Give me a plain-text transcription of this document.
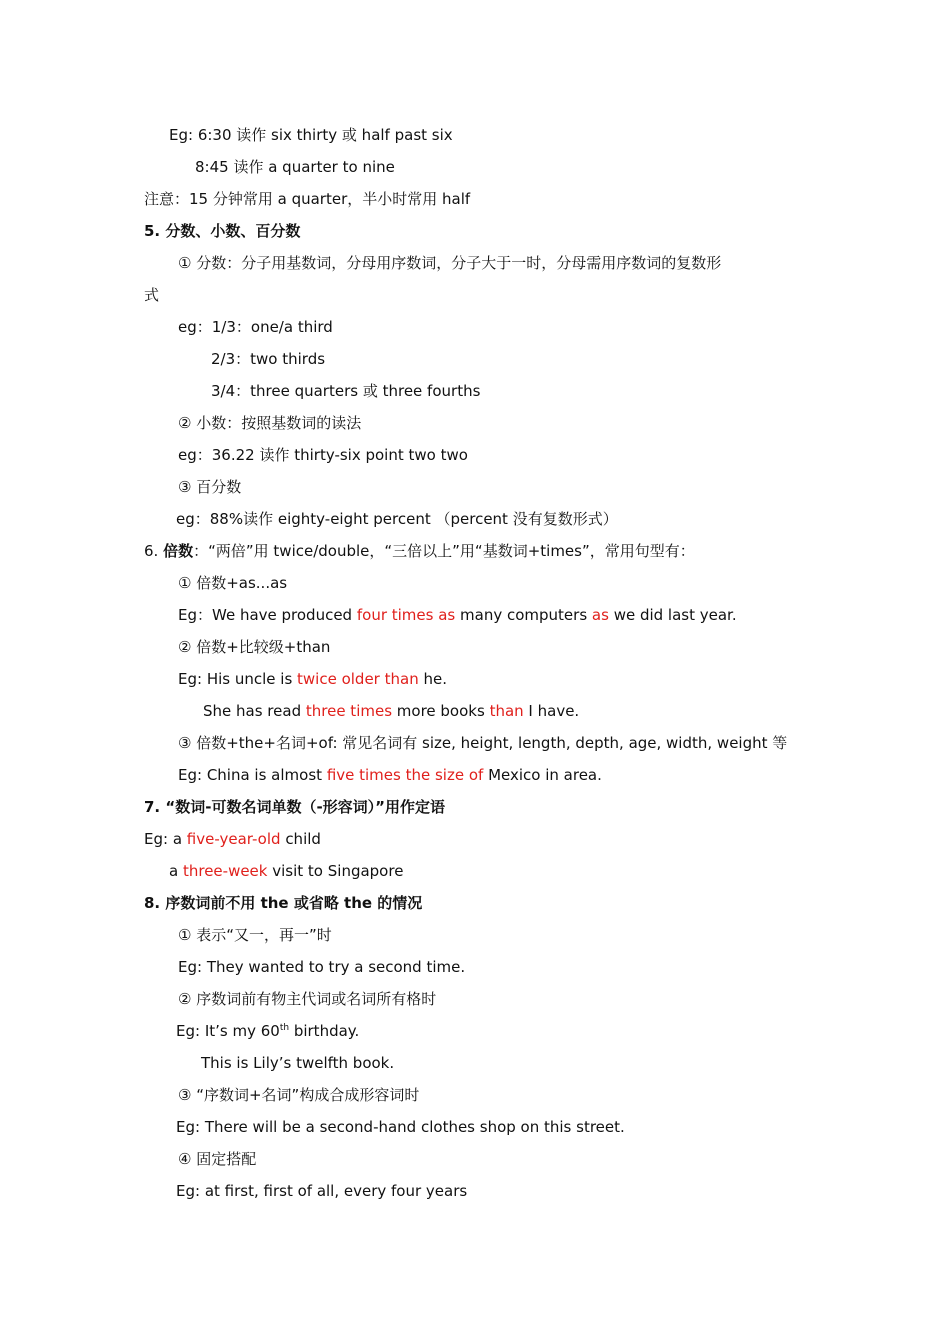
Eg: 6:30 读作 six thirty 或 half past six
8:45 读作 a quarter to nine
注意：15 分钟常用 a quarter，半小时常用 half
5. 分数、小数、百分数
① 分数：分子用基数词，分母用序数词，分子大于一时，分母需用序数词的复数形
式
eg：1/3：one/a third
2/3：two thirds
3/4：three quarters 或 three fourths
② 小数：按照基数词的读法
eg：36.22 读作 thirty-six point two two
③ 百分数
eg：88%读作 eighty-eight percent （percent 没有复数形式）
6. 倍数：“两倍”用 twice/double，“三倍以上”用“基数词+times”，常用句型有：
① 倍数+as...as
Eg：We have produced four times as many computers as we did last year.
② 倍数+比较级+than
Eg: His uncle is twice older than he.
She has read three times more books than I have.
③ 倍数+the+名词+of: 常见名词有 size, height, length, depth, age, width, weight 等
Eg: China is almost five times the size of Mexico in area.
7. “数词-可数名词单数（-形容词）”用作定语
Eg: a five-year-old child
a three-week visit to Singapore
8. 序数词前不用 the 或省略 the 的情况
① 表示“又一，再一”时
Eg: They wanted to try a second time.
② 序数词前有物主代词或名词所有格时
Eg: It’s my 60th birthday.
This is Lily’s twelfth book.
③ “序数词+名词”构成合成形容词时
Eg: There will be a second-hand clothes shop on this street.
④ 固定搭配
Eg: at first, first of all, every four years
